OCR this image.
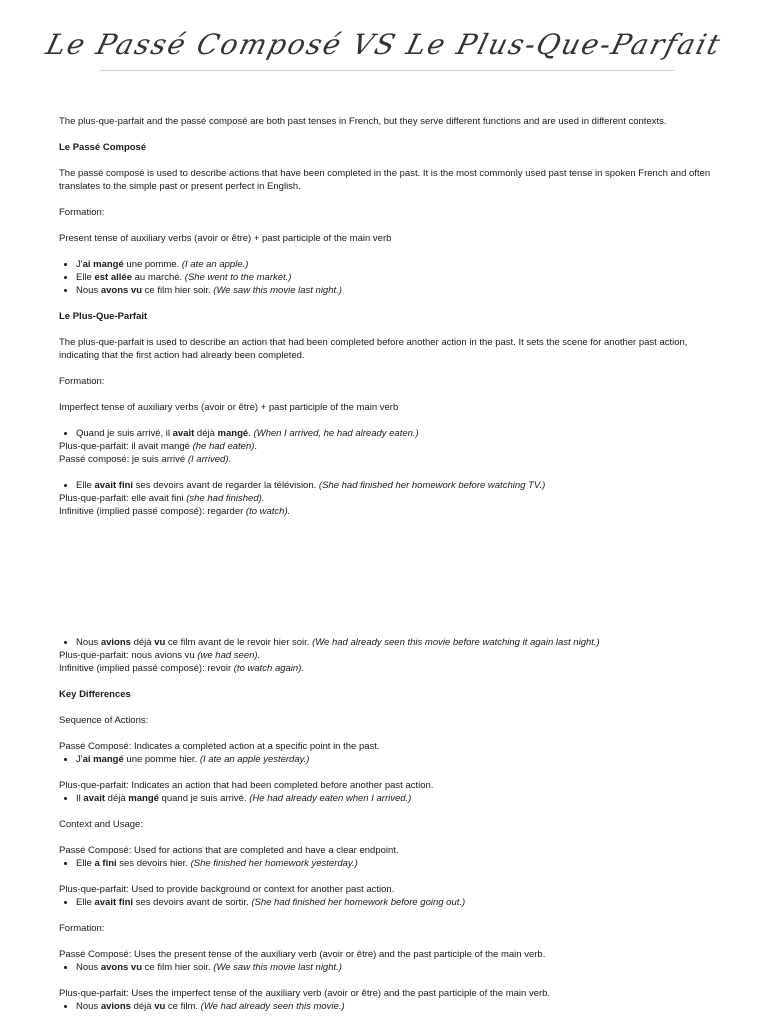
Le Passé Composé VS Le Plus-Que-Parfait

The plus-que-parfait and the passé composé are both past tenses in French, but they serve different functions and are used in different contexts.

Le Passé Composé

The passé composé is used to describe actions that have been completed in the past. It is the most commonly used past tense in spoken French and often translates to the simple past or present perfect in English.

Formation:

Present tense of auxiliary verbs (avoir or être) + past participle of the main verb

• J'ai mangé une pomme. (I ate an apple.)
• Elle est allée au marché. (She went to the market.)
• Nous avons vu ce film hier soir. (We saw this movie last night.)

Le Plus-Que-Parfait

The plus-que-parfait is used to describe an action that had been completed before another action in the past. It sets the scene for another past action, indicating that the first action had already been completed.

Formation:

Imperfect tense of auxiliary verbs (avoir or être) + past participle of the main verb

• Quand je suis arrivé, il avait déjà mangé. (When I arrived, he had already eaten.)

Plus-que-parfait: il avait mangé (he had eaten).

Passé composé: je suis arrivé (I arrived).

• Elle avait fini ses devoirs avant de regarder la télévision. (She had finished her homework before watching TV.)

Plus-que-parfait: elle avait fini (she had finished).

Infinitive (implied passé composé): regarder (to watch).

• Nous avions déjà vu ce film avant de le revoir hier soir. (We had already seen this movie before watching it again last night.)

Plus-que-parfait: nous avions vu (we had seen).

Infinitive (implied passé composé): revoir (to watch again).

Key Differences

Sequence of Actions:

Passé Composé: Indicates a completed action at a specific point in the past.

• J'ai mangé une pomme hier. (I ate an apple yesterday.)

Plus-que-parfait: Indicates an action that had been completed before another past action.

• Il avait déjà mangé quand je suis arrivé. (He had already eaten when I arrived.)

Context and Usage:

Passé Composé: Used for actions that are completed and have a clear endpoint.

• Elle a fini ses devoirs hier. (She finished her homework yesterday.)

Plus-que-parfait: Used to provide background or context for another past action.

• Elle avait fini ses devoirs avant de sortir. (She had finished her homework before going out.)

Formation:

Passé Composé: Uses the present tense of the auxiliary verb (avoir or être) and the past participle of the main verb.

• Nous avons vu ce film hier soir. (We saw this movie last night.)

Plus-que-parfait: Uses the imperfect tense of the auxiliary verb (avoir or être) and the past participle of the main verb.

• Nous avions déjà vu ce film. (We had already seen this movie.)
